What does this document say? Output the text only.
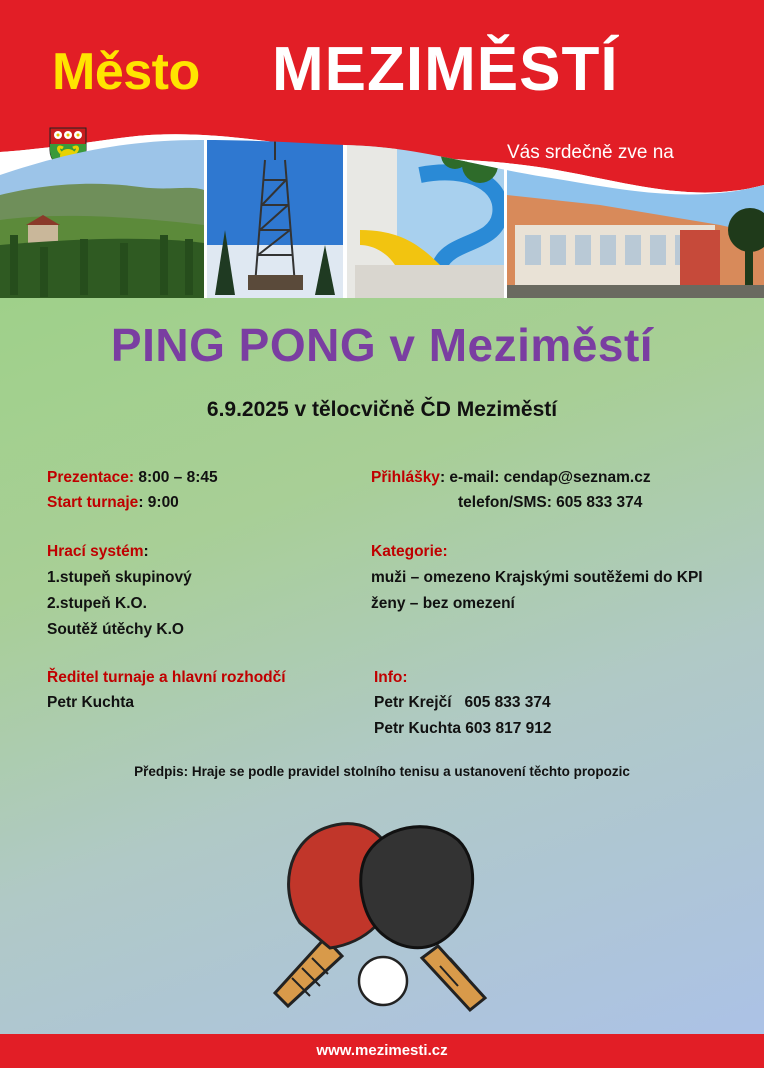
Město MEZIMĚSTÍ
Vás srdečně zve na
PING PONG v Meziměstí
6.9.2025 v tělocvičně ČD Meziměstí
Prezentace: 8:00 – 8:45
Start turnaje: 9:00
Hrací systém:
1.stupeň skupinový
2.stupeň K.O.
Soutěž útěchy K.O
Ředitel turnaje a hlavní rozhodčí
Petr Kuchta
Přihlášky: e-mail: cendap@seznam.cz
telefon/SMS: 605 833 374
Kategorie:
muži – omezeno Krajskými soutěžemi do KPI
ženy – bez omezení
Info:
Petr Krejčí   605 833 374
Petr Kuchta 603 817 912
Předpis: Hraje se podle pravidel stolního tenisu a ustanovení těchto propozic
www.mezimesti.cz
